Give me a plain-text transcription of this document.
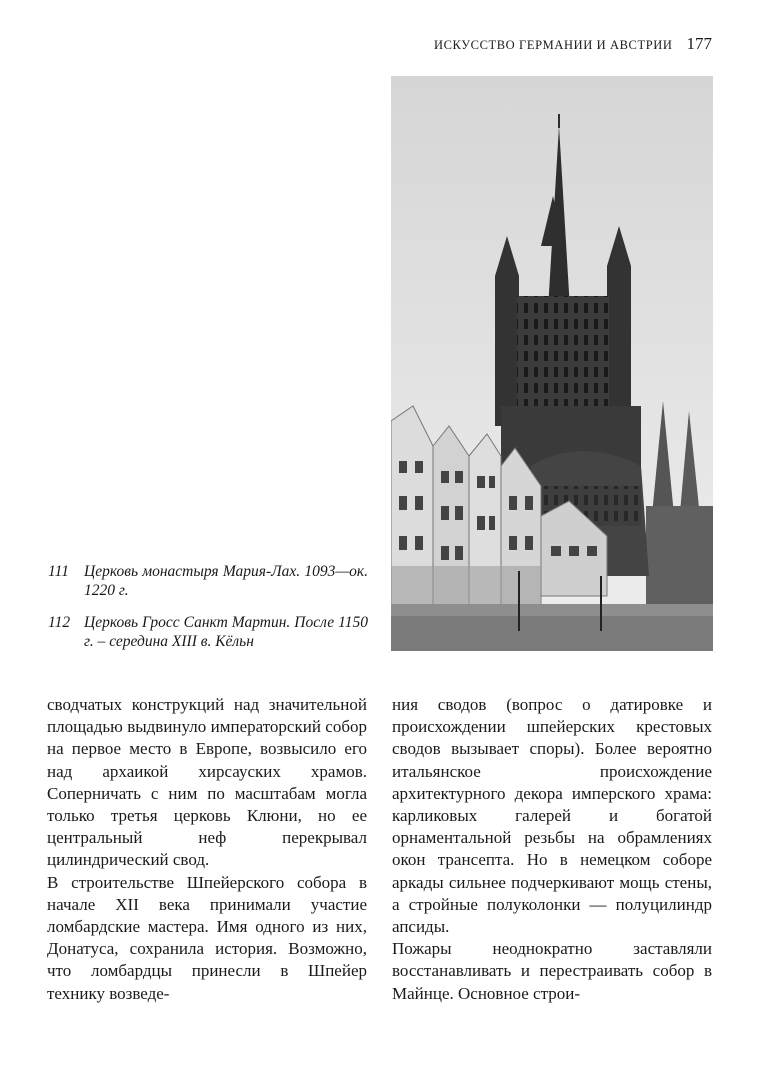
ИСКУССТВО ГЕРМАНИИ И АВСТРИИ 177
111 Церковь монастыря Мария-Лах. 1093—ок. 1220 г.
112 Церковь Гросс Санкт Мартин. После 1150 г. – середина XIII в. Кёльн

сводчатых конструкций над значительной площадью выдвинуло императорский собор на первое место в Европе, возвысило его над архаикой хирсауских храмов. Соперничать с ним по масштабам могла только третья церковь Клюни, но ее центральный неф перекрывал цилиндрический свод.

В строительстве Шпейерского собора в начале XII века принимали участие ломбардские мастера. Имя одного из них, Донатуса, сохранила история. Возможно, что ломбардцы принесли в Шпейер технику возведе-

ния сводов (вопрос о датировке и происхождении шпейерских крестовых сводов вызывает споры). Более вероятно итальянское происхождение архитектурного декора имперского храма: карликовых галерей и богатой орнаментальной резьбы на обрамлениях окон трансепта. Но в немецком соборе аркады сильнее подчеркивают мощь стены, а стройные полуколонки — полуцилиндр апсиды.

Пожары неоднократно заставляли восстанавливать и перестраивать собор в Майнце. Основное строи-
